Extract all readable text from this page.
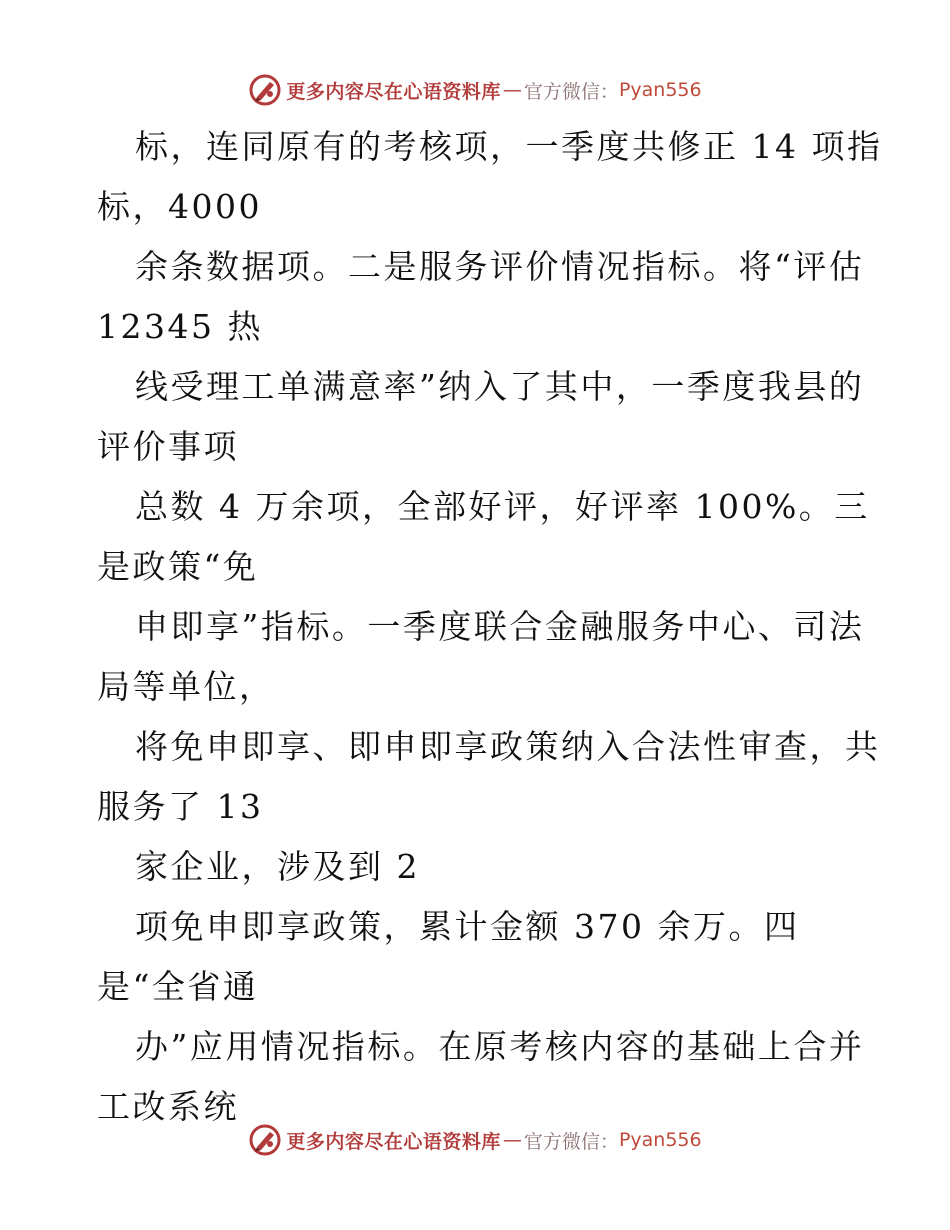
更多内容尽在心语资料库 — 官方微信： Pyan556
标，连同原有的考核项，一季度共修正 14 项指
标，4000
余条数据项。二是服务评价情况指标。将“评估
12345 热
线受理工单满意率”纳入了其中，一季度我县的
评价事项
总数 4 万余项，全部好评，好评率 100%。三
是政策“免
申即享”指标。一季度联合金融服务中心、司法
局等单位，
将免申即享、即申即享政策纳入合法性审查，共
服务了 13
家企业，涉及到 2
项免申即享政策，累计金额 370 余万。四
是“全省通
办”应用情况指标。在原考核内容的基础上合并
工改系统
更多内容尽在心语资料库 — 官方微信： Pyan556
